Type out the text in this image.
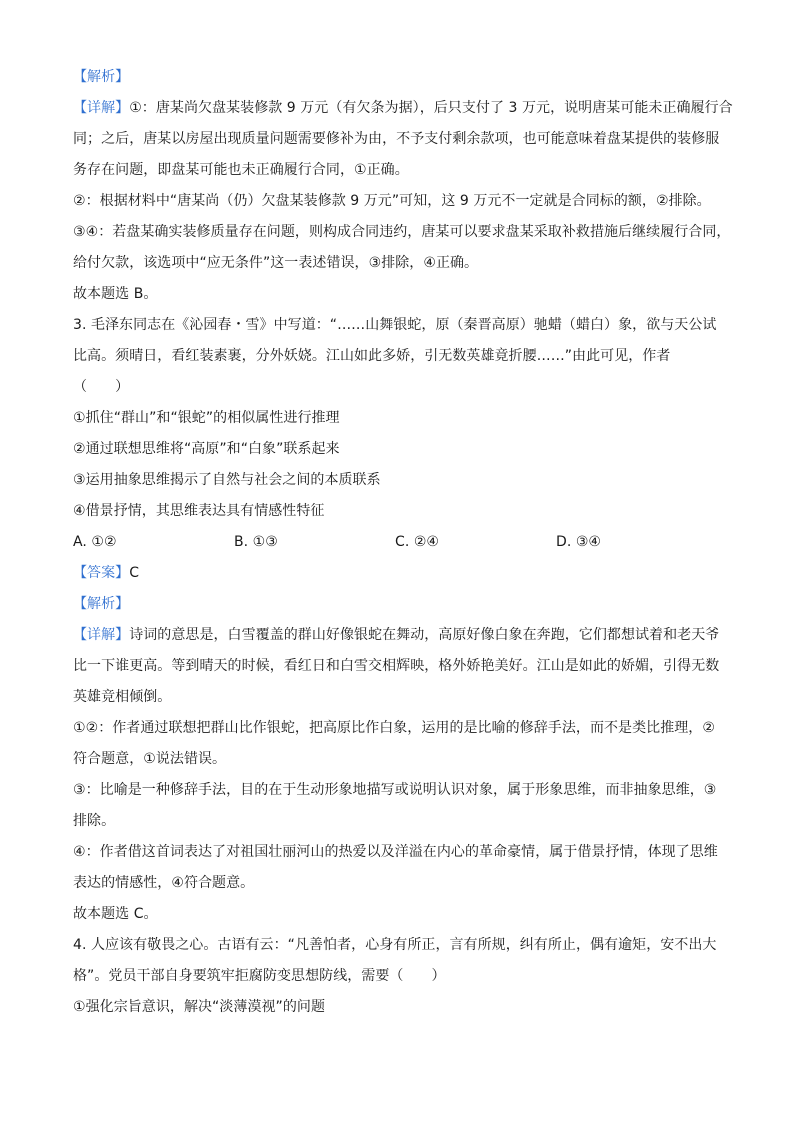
【解析】
【详解】①：唐某尚欠盘某装修款 9 万元（有欠条为据），后只支付了 3 万元，说明唐某可能未正确履行合
同；之后，唐某以房屋出现质量问题需要修补为由，不予支付剩余款项，也可能意味着盘某提供的装修服
务存在问题，即盘某可能也未正确履行合同，①正确。
②：根据材料中“唐某尚（仍）欠盘某装修款 9 万元”可知，这 9 万元不一定就是合同标的额，②排除。
③④：若盘某确实装修质量存在问题，则构成合同违约，唐某可以要求盘某采取补救措施后继续履行合同，
给付欠款，该选项中“应无条件”这一表述错误，③排除，④正确。
故本题选 B。
3. 毛泽东同志在《沁园春・雪》中写道：“……山舞银蛇，原（秦晋高原）驰蜡（蜡白）象，欲与天公试
比高。须晴日，看红装素裹，分外妖娆。江山如此多娇，引无数英雄竟折腰……”由此可见，作者
（　　）
①抓住“群山”和“银蛇”的相似属性进行推理
②通过联想思维将“高原”和“白象”联系起来
③运用抽象思维揭示了自然与社会之间的本质联系
④借景抒情，其思维表达具有情感性特征
A. ①②	B. ①③	C. ②④	D. ③④
【答案】C
【解析】
【详解】诗词的意思是，白雪覆盖的群山好像银蛇在舞动，高原好像白象在奔跑，它们都想试着和老天爷
比一下谁更高。等到晴天的时候，看红日和白雪交相辉映，格外娇艳美好。江山是如此的娇媚，引得无数
英雄竞相倾倒。
①②：作者通过联想把群山比作银蛇，把高原比作白象，运用的是比喻的修辞手法，而不是类比推理，②
符合题意，①说法错误。
③：比喻是一种修辞手法，目的在于生动形象地描写或说明认识对象，属于形象思维，而非抽象思维，③
排除。
④：作者借这首词表达了对祖国壮丽河山的热爱以及洋溢在内心的革命豪情，属于借景抒情，体现了思维
表达的情感性，④符合题意。
故本题选 C。
4. 人应该有敬畏之心。古语有云：“凡善怕者，心身有所正，言有所规，纠有所止，偶有逾矩，安不出大
格”。党员干部自身要筑牢拒腐防变思想防线，需要（　　）
①强化宗旨意识，解决“淡薄漠视”的问题
